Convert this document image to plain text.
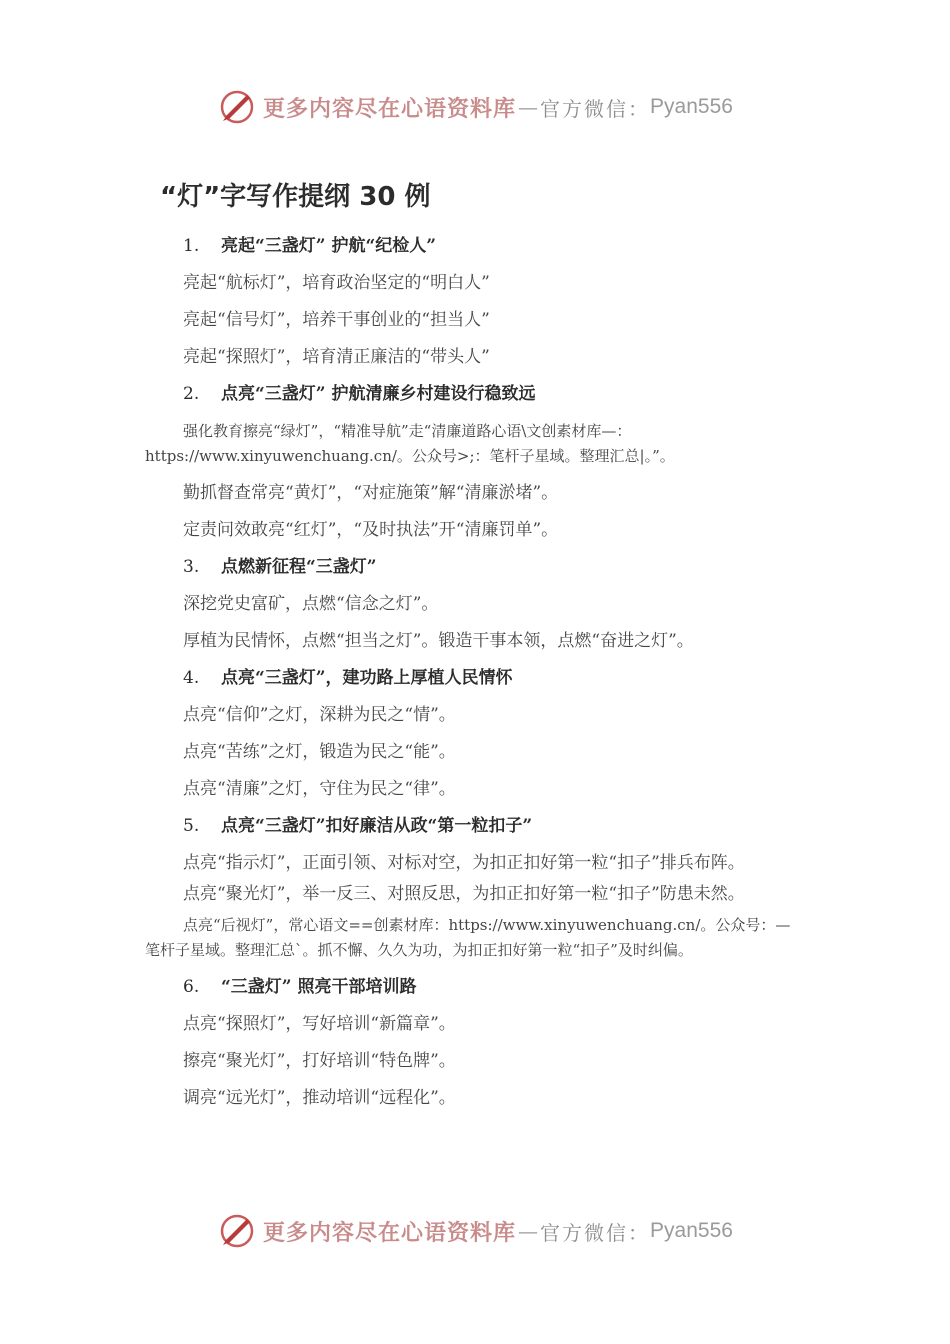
更多内容尽在心语资料库 — 官方微信： Pyan556
“灯”字写作提纲 30 例
1.	亮起“三盏灯” 护航“纪检人”
亮起“航标灯”，培育政治坚定的“明白人”
亮起“信号灯”，培养干事创业的“担当人”
亮起“探照灯”，培育清正廉洁的“带头人”
2.	点亮“三盏灯” 护航清廉乡村建设行稳致远

强化教育擦亮“绿灯”，“精准导航”走“清廉道路心语\文创素材库—：https://www.xinyuwenchuang.cn/。公众号>;：笔杆子星域。整理汇总|。”。

勤抓督查常亮“黄灯”，“对症施策”解“清廉淤堵”。
定责问效敢亮“红灯”，“及时执法”开“清廉罚单”。
3.	点燃新征程“三盏灯”
深挖党史富矿，点燃“信念之灯”。
厚植为民情怀，点燃“担当之灯”。锻造干事本领，点燃“奋进之灯”。
4.	点亮“三盏灯”，建功路上厚植人民情怀
点亮“信仰”之灯，深耕为民之“情”。
点亮“苦练”之灯，锻造为民之“能”。
点亮“清廉”之灯，守住为民之“律”。
5.	点亮“三盏灯”扣好廉洁从政“第一粒扣子”

点亮“指示灯”，正面引领、对标对空，为扣正扣好第一粒“扣子”排兵布阵。

点亮“聚光灯”，举一反三、对照反思，为扣正扣好第一粒“扣子”防患未然。

点亮“后视灯”，常心语文==创素材库：https://www.xinyuwenchuang.cn/。公众号：—笔杆子星域。整理汇总`。抓不懈、久久为功，为扣正扣好第一粒“扣子”及时纠偏。

6.	“三盏灯” 照亮干部培训路
点亮“探照灯”，写好培训“新篇章”。
擦亮“聚光灯”，打好培训“特色牌”。
调亮“远光灯”，推动培训“远程化”。
更多内容尽在心语资料库 — 官方微信： Pyan556
